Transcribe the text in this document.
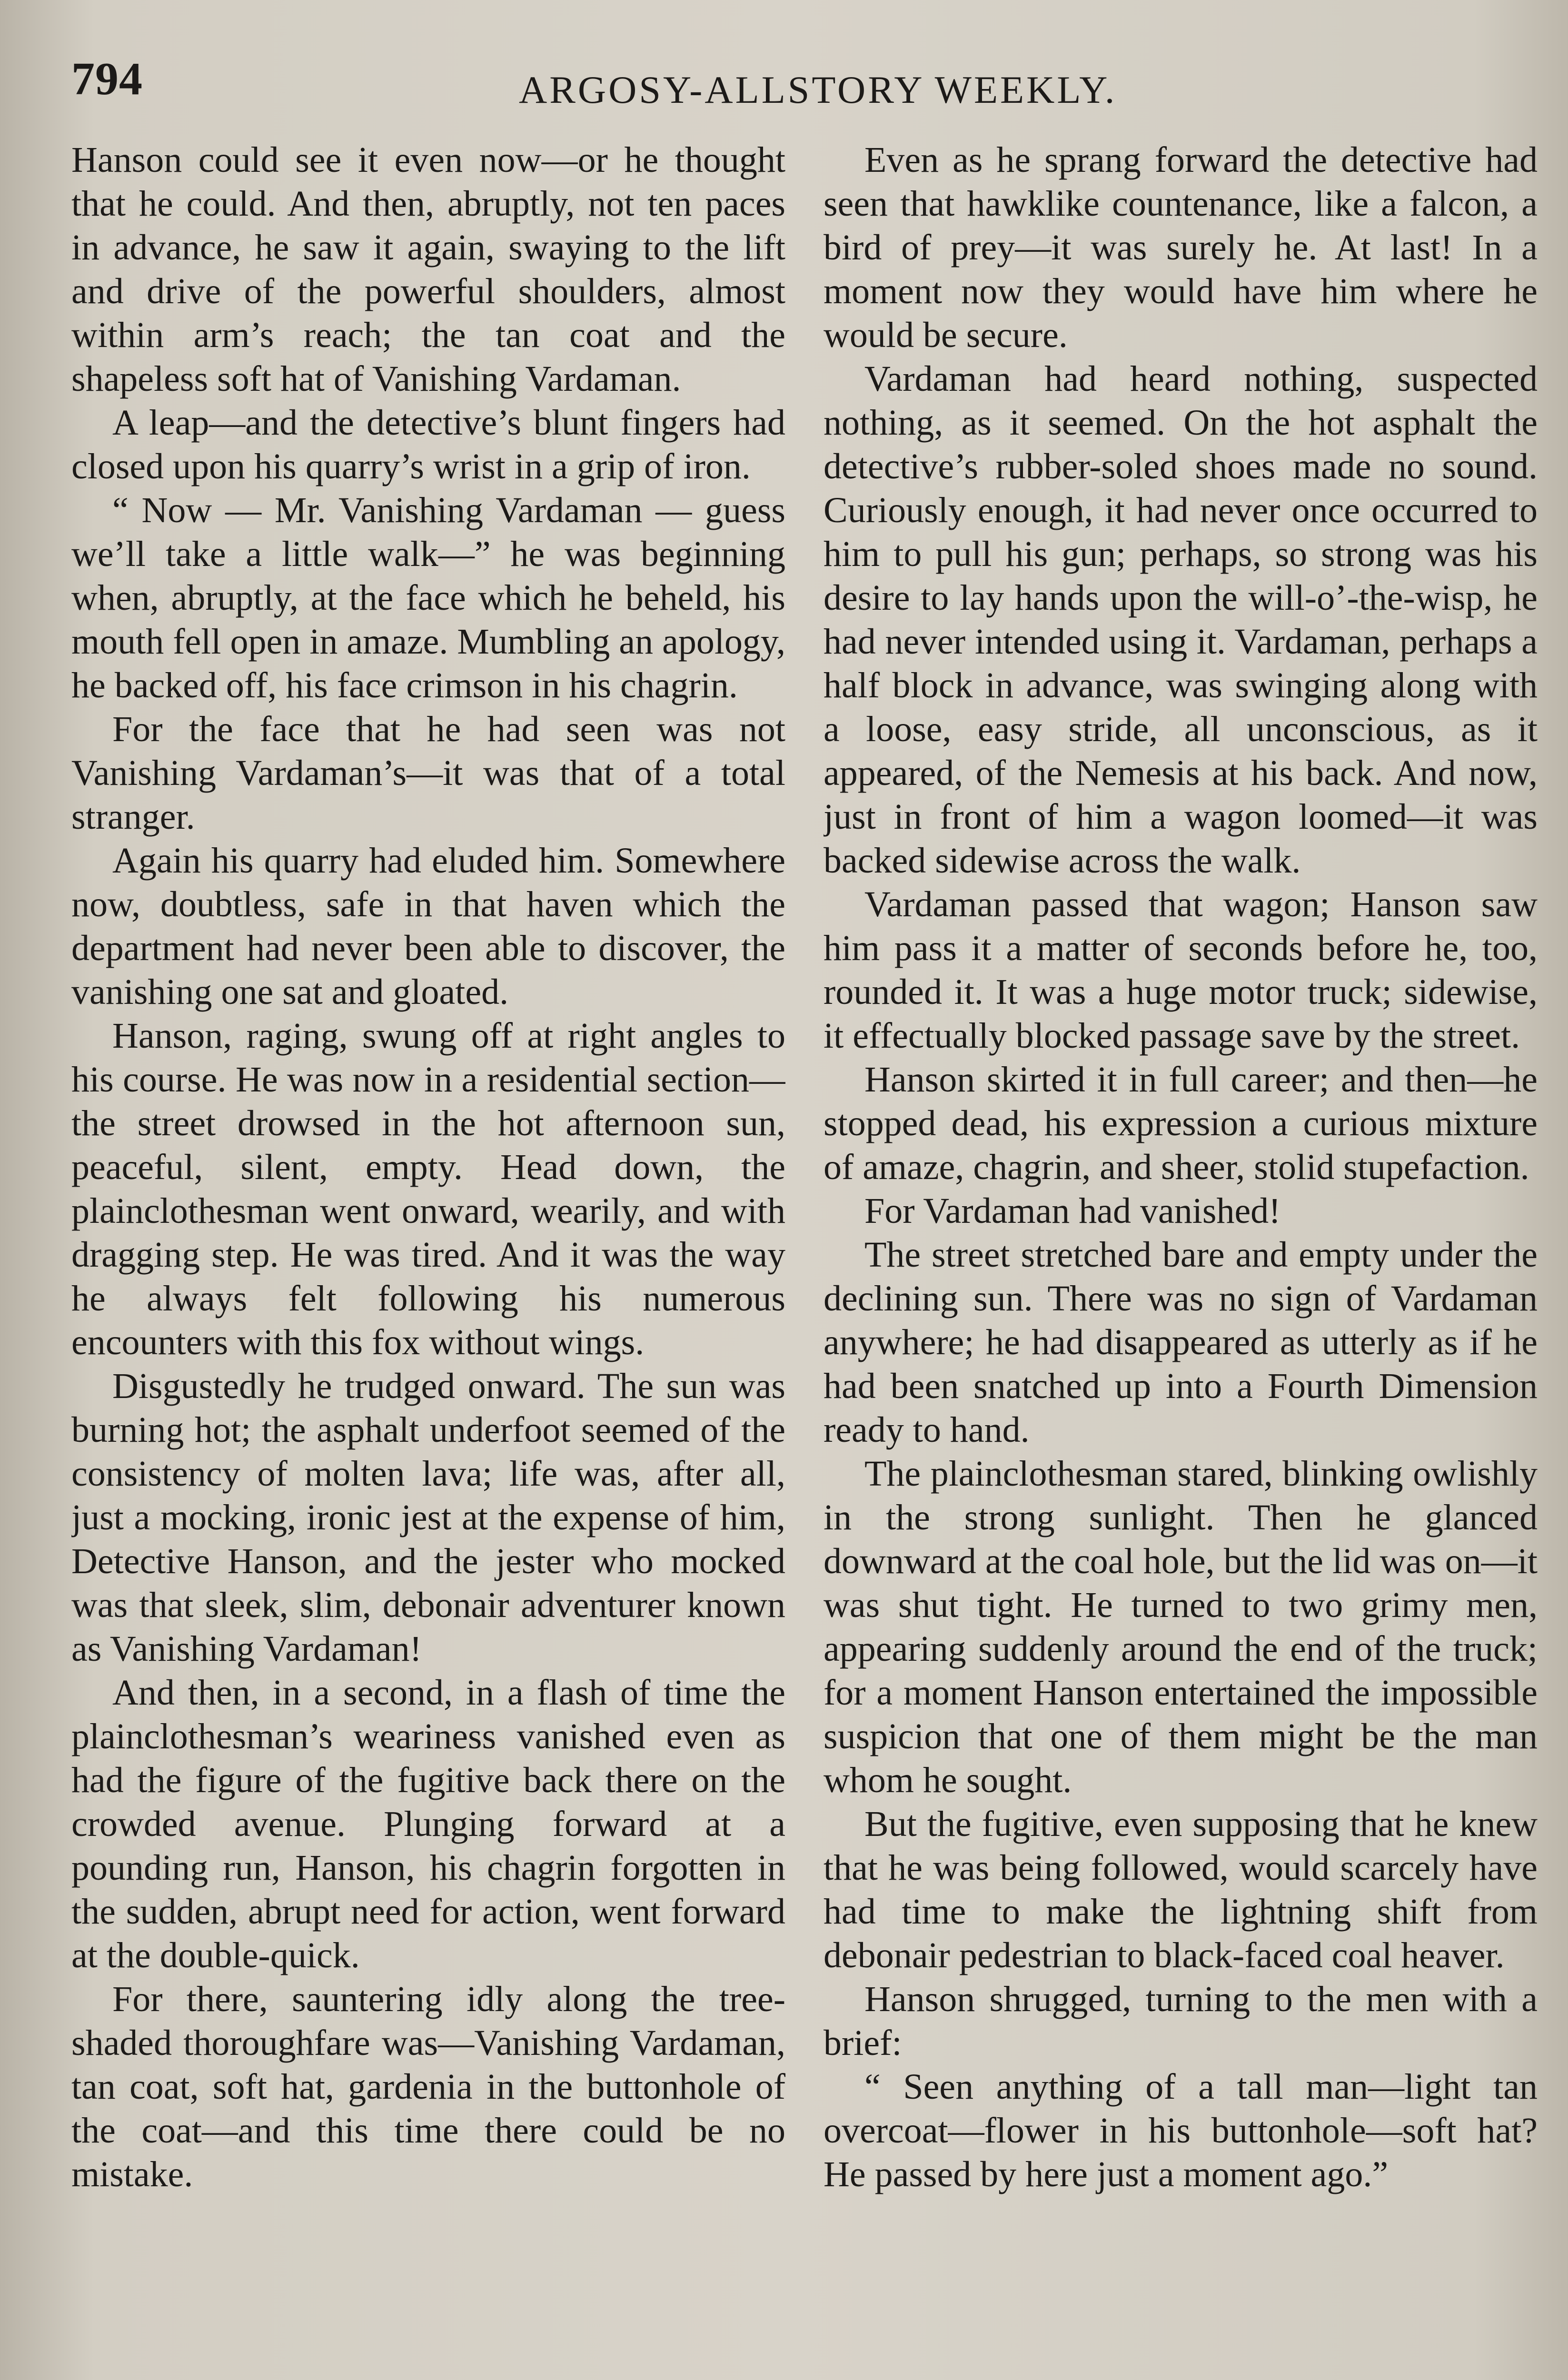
794	ARGOSY-ALLSTORY WEEKLY.

Hanson could see it even now—or he thought that he could. And then, abruptly, not ten paces in advance, he saw it again, swaying to the lift and drive of the powerful shoulders, almost within arm’s reach; the tan coat and the shapeless soft hat of Vanishing Vardaman.

A leap—and the detective’s blunt fingers had closed upon his quarry’s wrist in a grip of iron.

“ Now — Mr. Vanishing Vardaman — guess we’ll take a little walk—” he was beginning when, abruptly, at the face which he beheld, his mouth fell open in amaze. Mumbling an apology, he backed off, his face crimson in his chagrin.

For the face that he had seen was not Vanishing Vardaman’s—it was that of a total stranger.

Again his quarry had eluded him. Somewhere now, doubtless, safe in that haven which the department had never been able to discover, the vanishing one sat and gloated.

Hanson, raging, swung off at right angles to his course. He was now in a residential section—the street drowsed in the hot afternoon sun, peaceful, silent, empty. Head down, the plainclothesman went onward, wearily, and with dragging step. He was tired. And it was the way he always felt following his numerous encounters with this fox without wings.

Disgustedly he trudged onward. The sun was burning hot; the asphalt underfoot seemed of the consistency of molten lava; life was, after all, just a mocking, ironic jest at the expense of him, Detective Hanson, and the jester who mocked was that sleek, slim, debonair adventurer known as Vanishing Vardaman!

And then, in a second, in a flash of time the plainclothesman’s weariness vanished even as had the figure of the fugitive back there on the crowded avenue. Plunging forward at a pounding run, Hanson, his chagrin forgotten in the sudden, abrupt need for action, went forward at the double-quick.

For there, sauntering idly along the tree-shaded thoroughfare was—Vanishing Vardaman, tan coat, soft hat, gardenia in the buttonhole of the coat—and this time there could be no mistake.

Even as he sprang forward the detective had seen that hawklike countenance, like a falcon, a bird of prey—it was surely he. At last! In a moment now they would have him where he would be secure.

Vardaman had heard nothing, suspected nothing, as it seemed. On the hot asphalt the detective’s rubber-soled shoes made no sound. Curiously enough, it had never once occurred to him to pull his gun; perhaps, so strong was his desire to lay hands upon the will-o’-the-wisp, he had never intended using it. Vardaman, perhaps a half block in advance, was swinging along with a loose, easy stride, all unconscious, as it appeared, of the Nemesis at his back. And now, just in front of him a wagon loomed—it was backed sidewise across the walk.

Vardaman passed that wagon; Hanson saw him pass it a matter of seconds before he, too, rounded it. It was a huge motor truck; sidewise, it effectually blocked passage save by the street.

Hanson skirted it in full career; and then—he stopped dead, his expression a curious mixture of amaze, chagrin, and sheer, stolid stupefaction.

For Vardaman had vanished!

The street stretched bare and empty under the declining sun. There was no sign of Vardaman anywhere; he had disappeared as utterly as if he had been snatched up into a Fourth Dimension ready to hand.

The plainclothesman stared, blinking owlishly in the strong sunlight. Then he glanced downward at the coal hole, but the lid was on—it was shut tight. He turned to two grimy men, appearing suddenly around the end of the truck; for a moment Hanson entertained the impossible suspicion that one of them might be the man whom he sought.

But the fugitive, even supposing that he knew that he was being followed, would scarcely have had time to make the lightning shift from debonair pedestrian to black-faced coal heaver.

Hanson shrugged, turning to the men with a brief:

“ Seen anything of a tall man—light tan overcoat—flower in his buttonhole—soft hat? He passed by here just a moment ago.”
